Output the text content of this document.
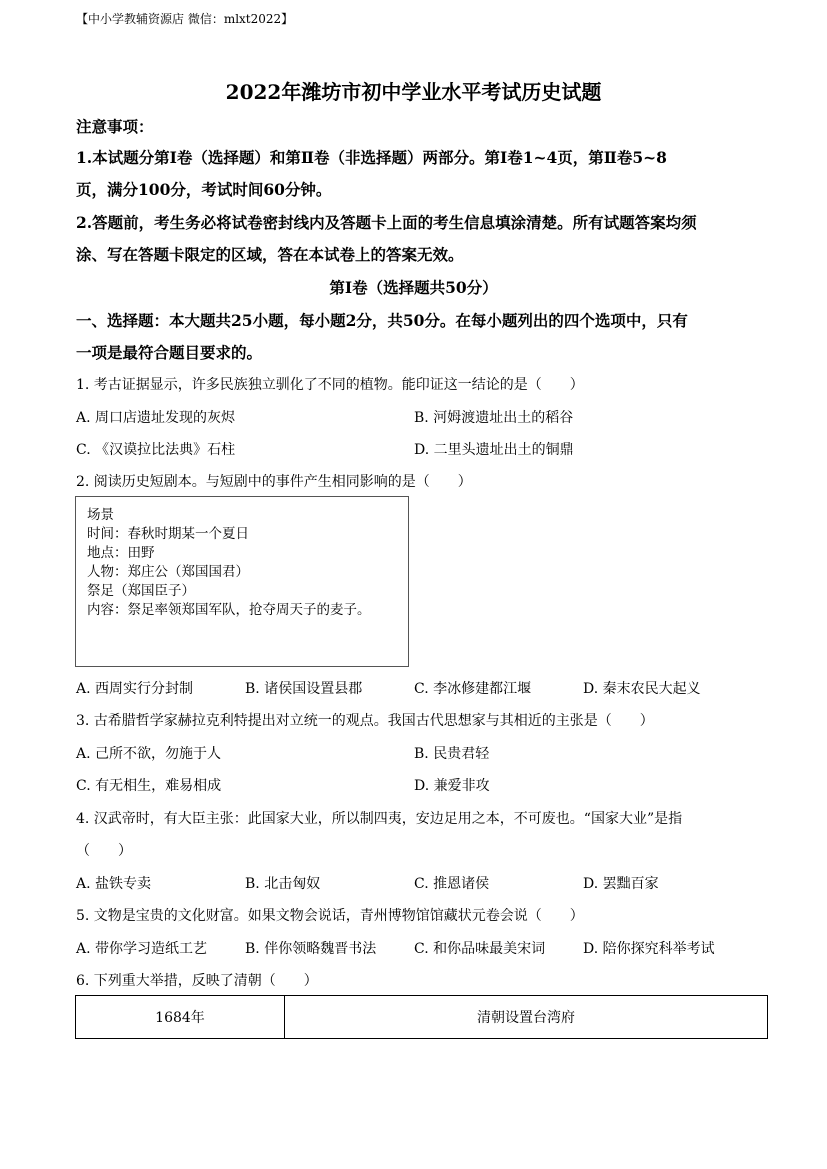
【中小学教辅资源店 微信：mlxt2022】
2022年潍坊市初中学业水平考试历史试题
注意事项：
1.本试题分第Ⅰ卷（选择题）和第Ⅱ卷（非选择题）两部分。第Ⅰ卷1~4页，第Ⅱ卷5~8
页，满分100分，考试时间60分钟。
2.答题前，考生务必将试卷密封线内及答题卡上面的考生信息填涂清楚。所有试题答案均须
涂、写在答题卡限定的区域，答在本试卷上的答案无效。
第Ⅰ卷（选择题共50分）
一、选择题：本大题共25小题，每小题2分，共50分。在每小题列出的四个选项中，只有
一项是最符合题目要求的。
1. 考古证据显示，许多民族独立驯化了不同的植物。能印证这一结论的是（　　）
A. 周口店遗址发现的灰烬	B. 河姆渡遗址出土的稻谷
C. 《汉谟拉比法典》石柱	D. 二里头遗址出土的铜鼎
2. 阅读历史短剧本。与短剧中的事件产生相同影响的是（　　）
场景
时间：春秋时期某一个夏日
地点：田野
人物：郑庄公（郑国国君）
祭足（郑国臣子）
内容：祭足率领郑国军队，抢夺周天子的麦子。
A. 西周实行分封制	B. 诸侯国设置县郡	C. 李冰修建都江堰	D. 秦末农民大起义
3. 古希腊哲学家赫拉克利特提出对立统一的观点。我国古代思想家与其相近的主张是（　　）
A. 己所不欲，勿施于人	B. 民贵君轻
C. 有无相生，难易相成	D. 兼爱非攻
4. 汉武帝时，有大臣主张：此国家大业，所以制四夷，安边足用之本，不可废也。“国家大业”是指
（　　）
A. 盐铁专卖	B. 北击匈奴	C. 推恩诸侯	D. 罢黜百家
5. 文物是宝贵的文化财富。如果文物会说话，青州博物馆馆藏状元卷会说（　　）
A. 带你学习造纸工艺	B. 伴你领略魏晋书法	C. 和你品味最美宋词	D. 陪你探究科举考试
6. 下列重大举措，反映了清朝（　　）
1684年	清朝设置台湾府
